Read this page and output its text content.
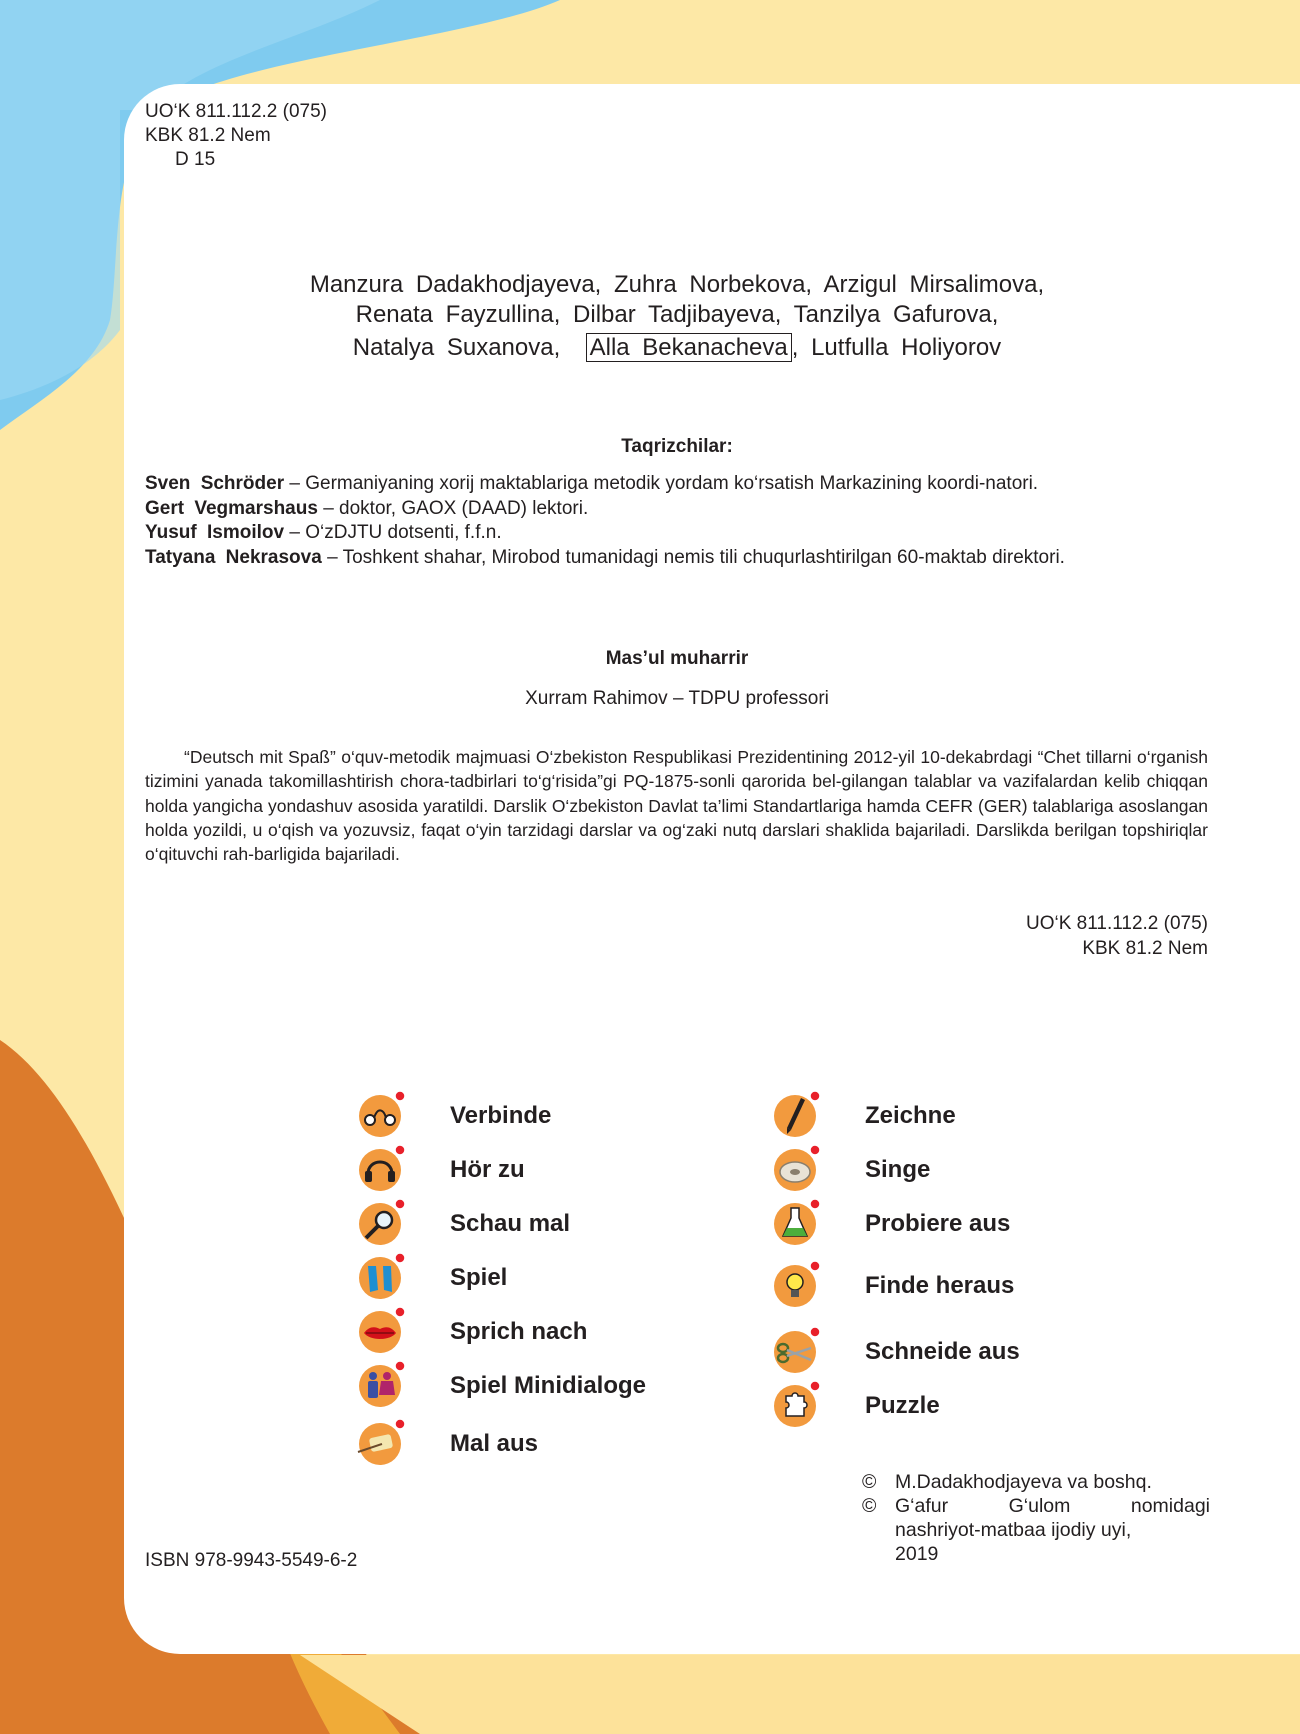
UO‘K 811.112.2 (075)
KBK 81.2 Nem
D 15
Manzura Dadakhodjayeva, Zuhra Norbekova, Arzigul Mirsalimova,
Renata Fayzullina, Dilbar Tadjibayeva, Tanzilya Gafurova,
Natalya Suxanova, Alla Bekanacheva , Lutfulla Holiyorov
Taqrizchilar:

Sven Schröder – Germaniyaning xorij maktablariga metodik yordam ko‘rsatish Markazining koordi-natori.

Gert Vegmarshaus – doktor, GAOX (DAAD) lektori.

Yusuf Ismoilov – O‘zDJTU dotsenti, f.f.n.

Tatyana Nekrasova – Toshkent shahar, Mirobod tumanidagi nemis tili chuqurlashtirilgan 60-maktab direktori.

Mas’ul muharrir
Xurram Rahimov – TDPU professori

“Deutsch mit Spaß” o‘quv-metodik majmuasi O‘zbekiston Respublikasi Prezidentining 2012-yil 10-dekabrdagi “Chet tillarni o‘rganish tizimini yanada takomillashtirish chora-tadbirlari to‘g‘risida”gi PQ-1875-sonli qarorida bel-gilangan talablar va vazifalardan kelib chiqqan holda yangicha yondashuv asosida yaratildi. Darslik O‘zbekiston Davlat ta’limi Standartlariga hamda CEFR (GER) talablariga asoslangan holda yozildi, u o‘qish va yozuvsiz, faqat o‘yin tarzidagi darslar va og‘zaki nutq darslari shaklida bajariladi. Darslikda berilgan topshiriqlar o‘qituvchi rah-barligida bajariladi.

UO‘K 811.112.2 (075)
KBK 81.2 Nem
Verbinde
Hör zu
Schau mal
Spiel
Sprich nach
Spiel Minidialoge
Mal aus
Zeichne
Singe
Probiere aus
Finde heraus
Schneide aus
Puzzle
© M.Dadakhodjayeva va boshq.
© G‘afur	G‘ulom	nomidagi
nashriyot-matbaa ijodiy uyi,
2019
ISBN 978-9943-5549-6-2
